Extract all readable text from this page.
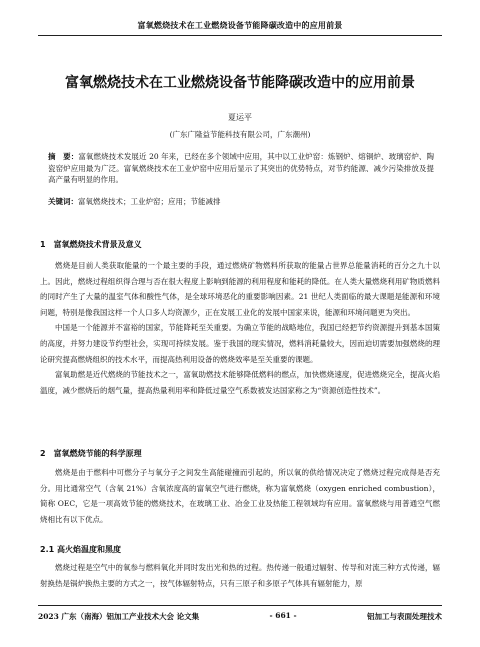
富氧燃烧技术在工业燃烧设备节能降碳改造中的应用前景
富氧燃烧技术在工业燃烧设备节能降碳改造中的应用前景
夏运平
(广东广隆益节能科技有限公司，广东潮州)
摘　要：富氧燃烧技术发展近 20 年来，已经在多个领域中应用，其中以工业炉窑：炼钢炉、熔铜炉、玻璃窑炉、陶瓷窑炉应用最为广泛。富氧燃烧技术在工业炉窑中应用后显示了其突出的优势特点，对节约能源、减少污染排放及提高产量有明显的作用。
关键词：富氧燃烧技术；工业炉窑；应用；节能减排

1　富氧燃烧技术背景及意义

燃烧是目前人类获取能量的一个最主要的手段，通过燃烧矿物燃料所获取的能量占世界总能量消耗的百分之九十以上。因此，燃烧过程组织得合理与否在很大程度上影响到能源的利用程度和能耗的降低。在人类大量燃烧利用矿物质燃料的同时产生了大量的温室气体和酸性气体，是全球环境恶化的重要影响因素。21 世纪人类面临的最大课题是能源和环境问题，特别是像我国这样一个人口多人均资源少，正在发展工业化的发展中国家来说，能源和环境问题更为突出。

中国是一个能源并不富裕的国家，节能降耗至关重要。为确立节能的战略地位，我国已经把节约资源提升到基本国策的高度，并努力建设节约型社会，实现可持续发展。鉴于我国的现实情况，燃料消耗量较大，因而迫切需要加强燃烧的理论研究提高燃烧组织的技术水平，而提高热利用设备的燃烧效率是至关重要的课题。

富氧助燃是近代燃烧的节能技术之一，富氧助燃技术能够降低燃料的燃点，加快燃烧速度，促进燃烧完全，提高火焰温度，减少燃烧后的烟气量，提高热量利用率和降低过量空气系数被发达国家称之为“资源创造性技术”。

2　富氧燃烧节能的科学原理

燃烧是由于燃料中可燃分子与氧分子之间发生高能碰撞而引起的，所以氧的供给情况决定了燃烧过程完成得是否充分。用比通常空气（含氧 21%）含氧浓度高的富氧空气进行燃烧，称为富氧燃烧（oxygen enriched combustion），简称 OEC，它是一项高效节能的燃烧技术，在玻璃工业、冶金工业及热能工程领域均有应用。富氧燃烧与用普通空气燃烧相比有以下优点。

2.1 高火焰温度和黑度

燃烧过程是空气中的氧参与燃料氧化并同时发出光和热的过程。热传递一般通过辐射、传导和对流三种方式传递，辐射换热是锅炉换热主要的方式之一，按气体辐射特点，只有三原子和多原子气体具有辐射能力，原

2023 广东（南海）铝加工产业技术大会 论文集	- 661 -	铝加工与表面处理技术
